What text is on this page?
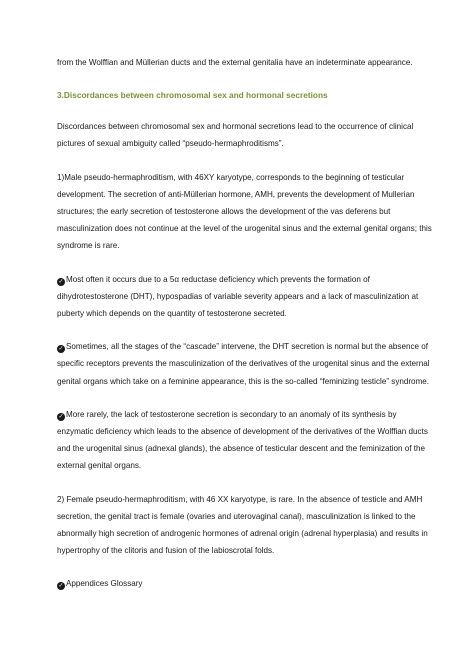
from the Wolffian and Müllerian ducts and the external genitalia have an indeterminate appearance.

3.Discordances between chromosomal sex and hormonal secretions

Discordances between chromosomal sex and hormonal secretions lead to the occurrence of clinical pictures of sexual ambiguity called “pseudo-hermaphroditisms”.

1)Male pseudo-hermaphroditism, with 46XY karyotype, corresponds to the beginning of testicular development. The secretion of anti-Müllerian hormone, AMH, prevents the development of Mullerian structures; the early secretion of testosterone allows the development of the vas deferens but masculinization does not continue at the level of the urogenital sinus and the external genital organs; this syndrome is rare.

✓ Most often it occurs due to a 5α reductase deficiency which prevents the formation of dihydrotestosterone (DHT), hypospadias of variable severity appears and a lack of masculinization at puberty which depends on the quantity of testosterone secreted.

✓ Sometimes, all the stages of the “cascade” intervene, the DHT secretion is normal but the absence of specific receptors prevents the masculinization of the derivatives of the urogenital sinus and the external genital organs which take on a feminine appearance, this is the so-called “feminizing testicle” syndrome.

✓ More rarely, the lack of testosterone secretion is secondary to an anomaly of its synthesis by enzymatic deficiency which leads to the absence of development of the derivatives of the Wolffian ducts and the urogenital sinus (adnexal glands), the absence of testicular descent and the feminization of the external genital organs.

2) Female pseudo-hermaphroditism, with 46 XX karyotype, is rare. In the absence of testicle and AMH secretion, the genital tract is female (ovaries and uterovaginal canal), masculinization is linked to the abnormally high secretion of androgenic hormones of adrenal origin (adrenal hyperplasia) and results in hypertrophy of the clitoris and fusion of the labioscrotal folds.

✓ Appendices Glossary
